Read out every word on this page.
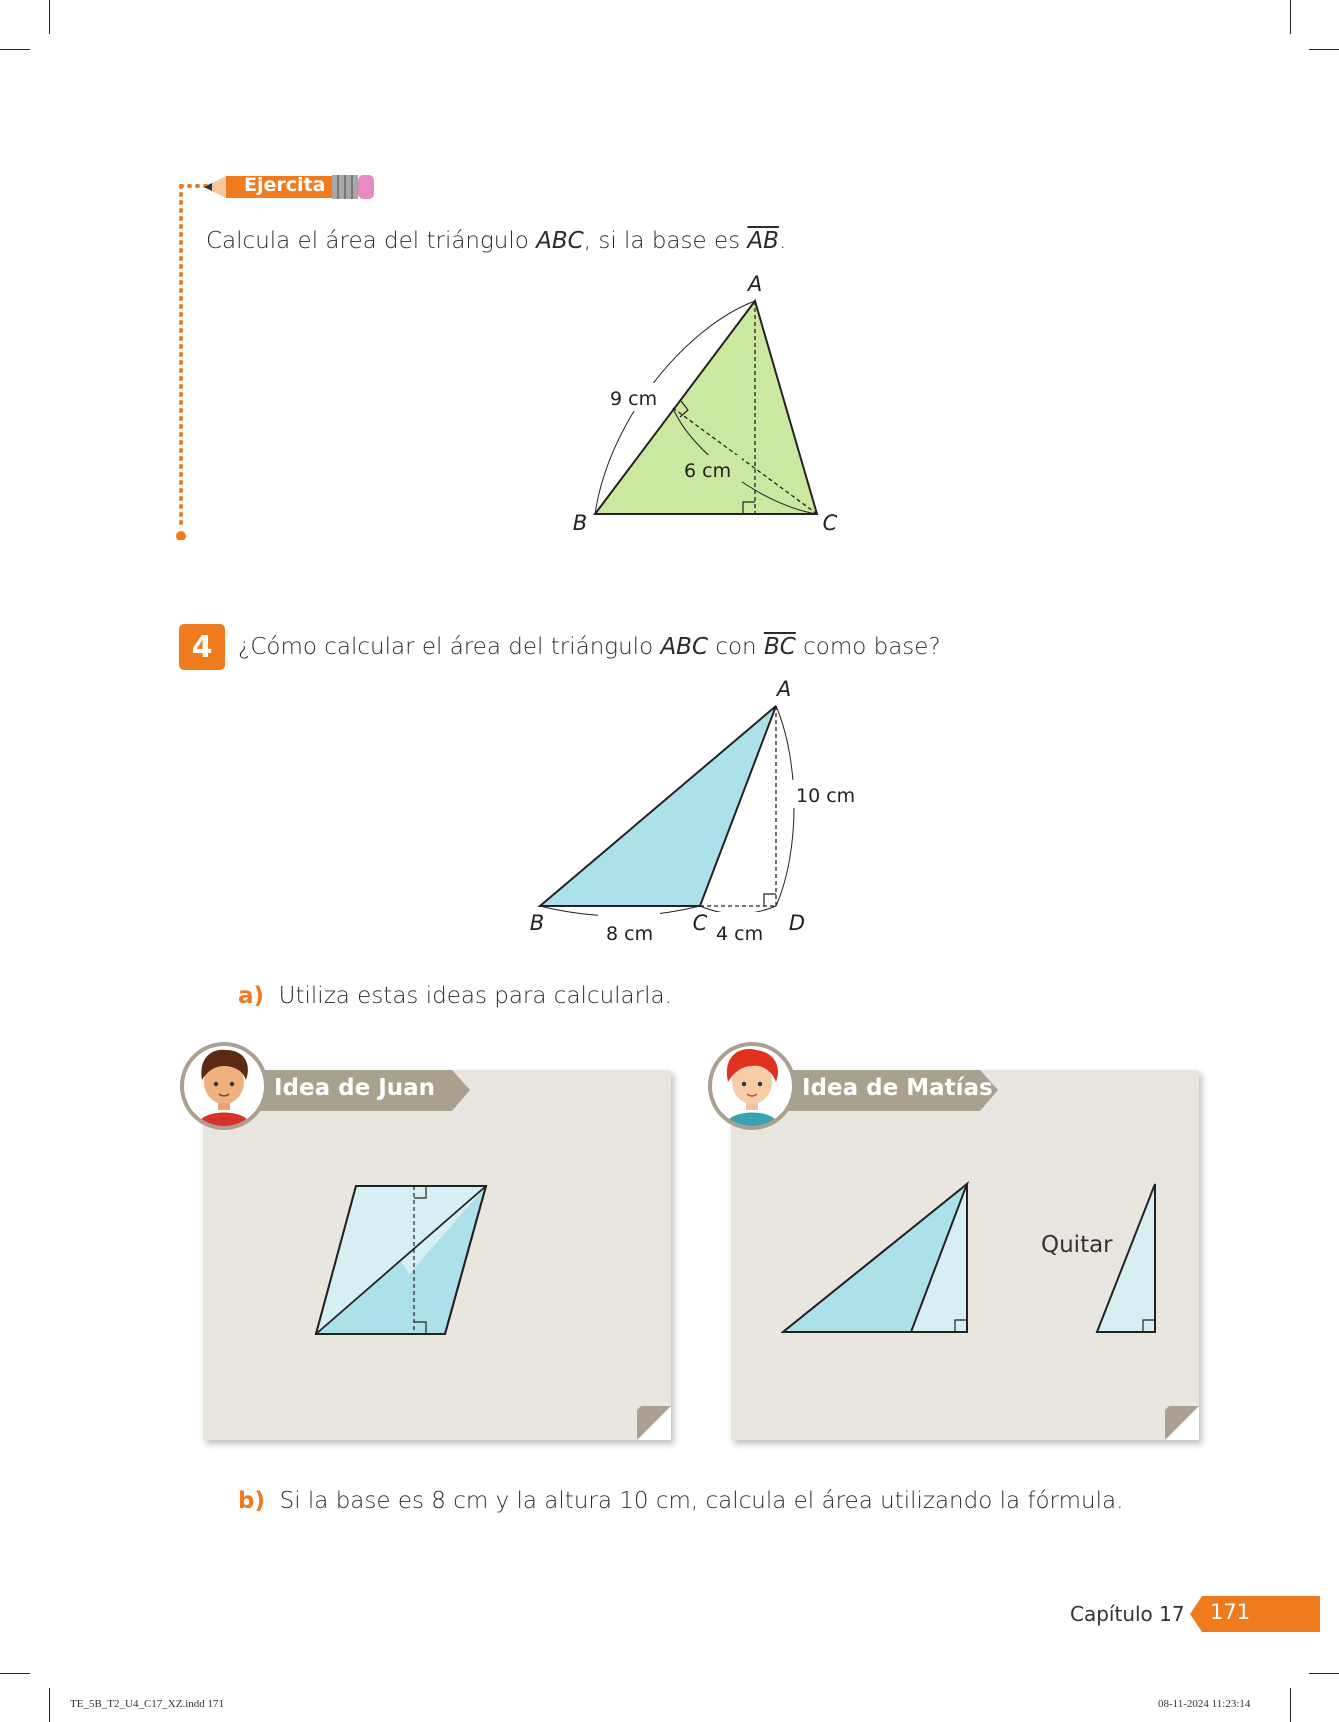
Ejercita
Calcula el área del triángulo ABC, si la base es $\overline{AB}$.
A
B	C
9 cm
6 cm
4	¿Cómo calcular el área del triángulo ABC con $\overline{BC}$ como base?
A
B	C	D
10 cm
8 cm	4 cm
a) Utiliza estas ideas para calcularla.
Idea de Juan
Quitar
Idea de Matías
b) Si la base es 8 cm y la altura 10 cm, calcula el área utilizando la fórmula.
Capítulo 17 171
TE_5B_T2_U4_C17_XZ.indd 171	08-11-2024 11:23:14
